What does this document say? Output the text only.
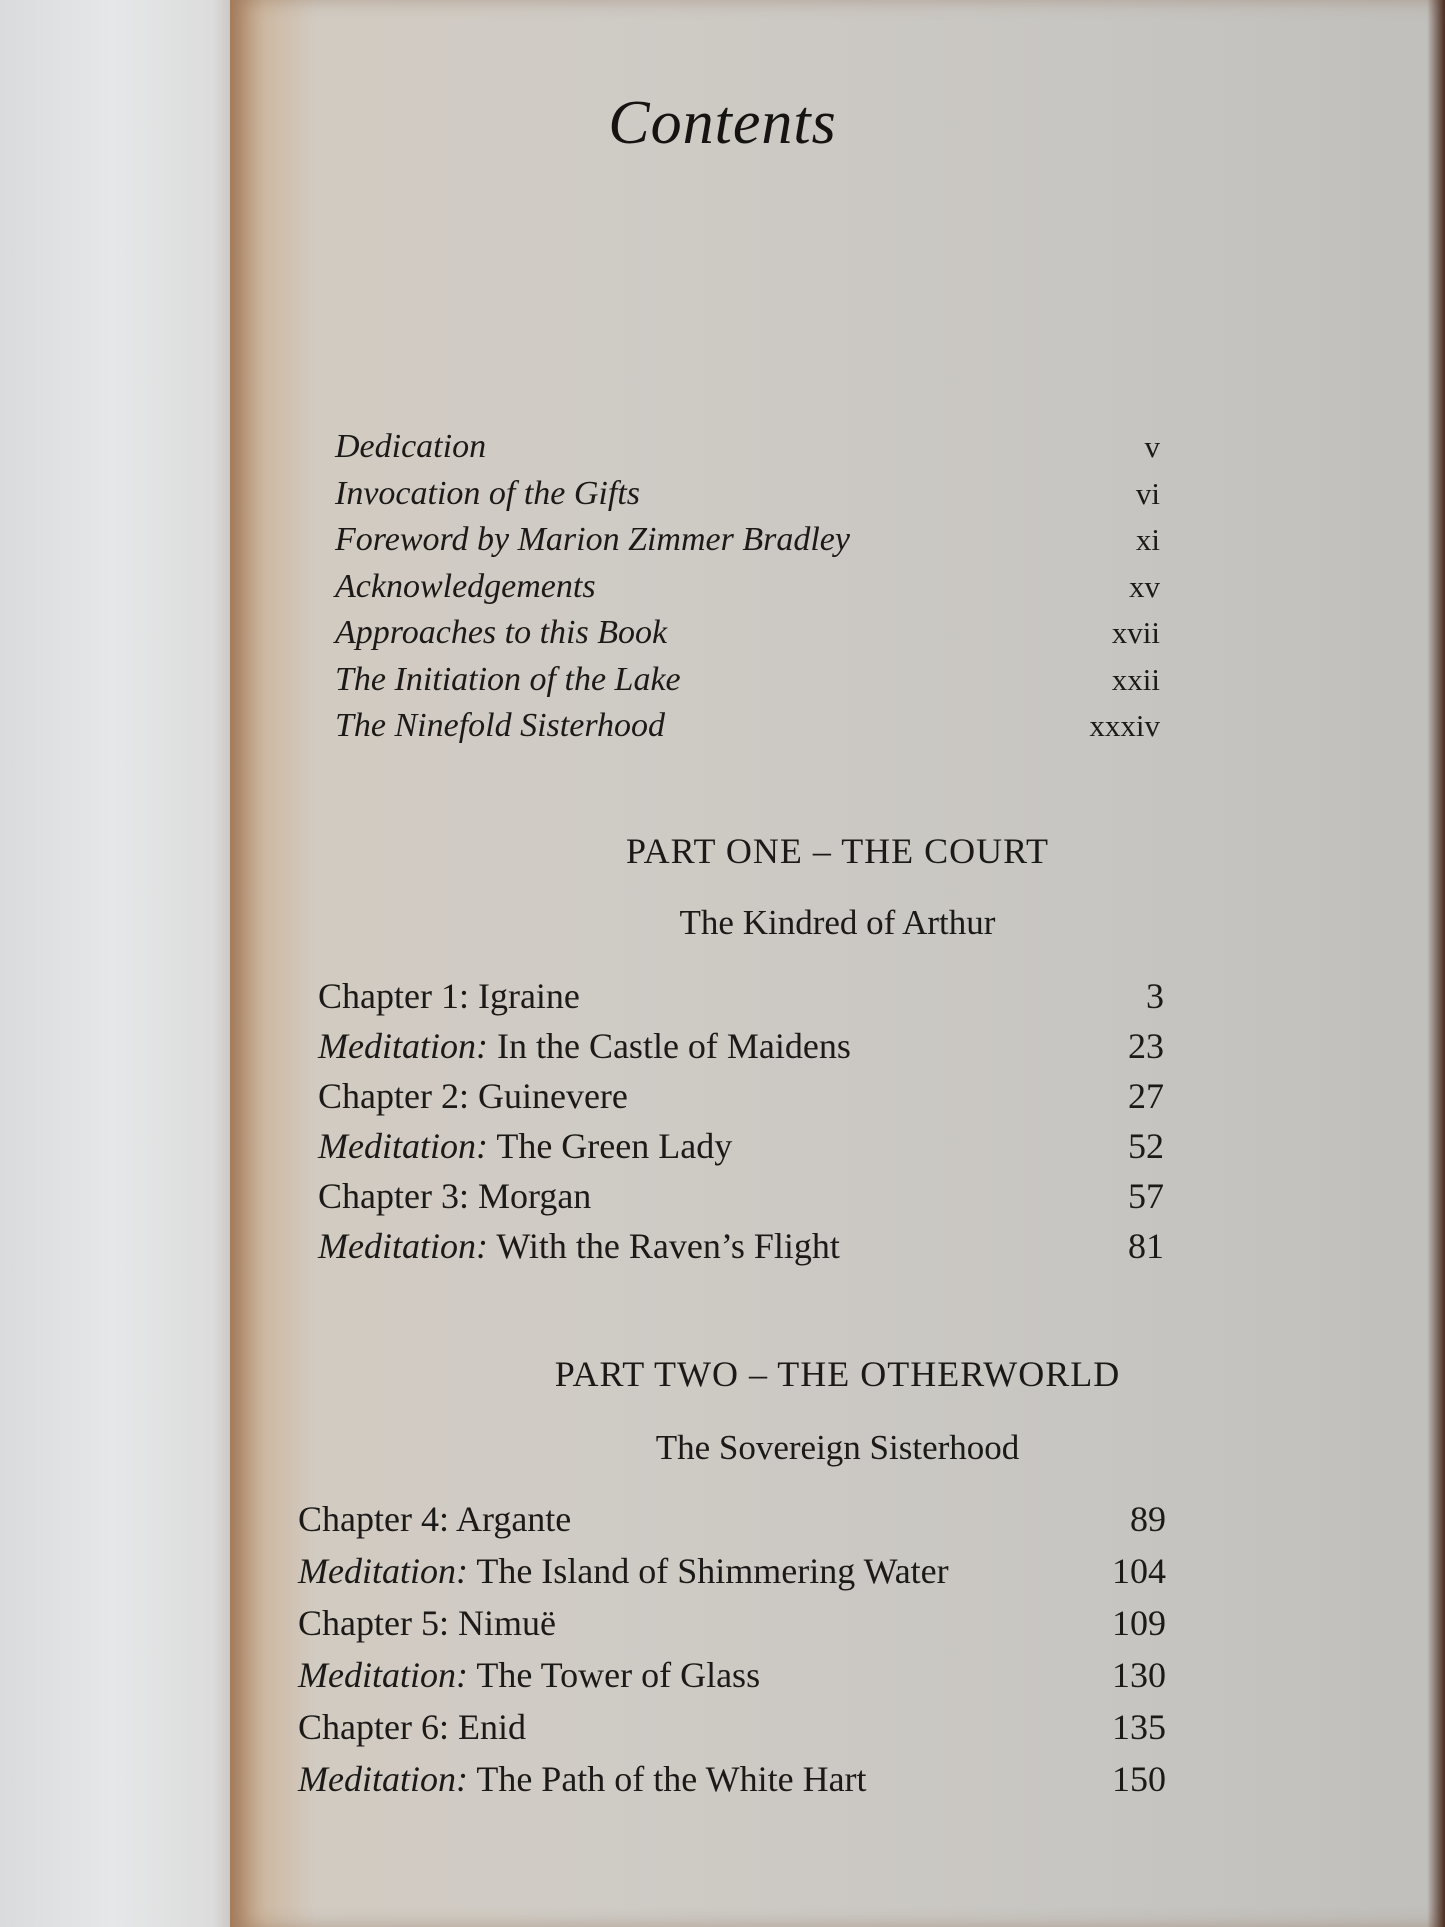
Contents
Dedication	v
Invocation of the Gifts	vi
Foreword by Marion Zimmer Bradley	xi
Acknowledgements	xv
Approaches to this Book	xvii
The Initiation of the Lake	xxii
The Ninefold Sisterhood	xxxiv
PART ONE – THE COURT
The Kindred of Arthur
Chapter 1: Igraine	3
Meditation: In the Castle of Maidens	23
Chapter 2: Guinevere	27
Meditation: The Green Lady	52
Chapter 3: Morgan	57
Meditation: With the Raven’s Flight	81
PART TWO – THE OTHERWORLD
The Sovereign Sisterhood
Chapter 4: Argante	89
Meditation: The Island of Shimmering Water	104
Chapter 5: Nimuë	109
Meditation: The Tower of Glass	130
Chapter 6: Enid	135
Meditation: The Path of the White Hart	150
